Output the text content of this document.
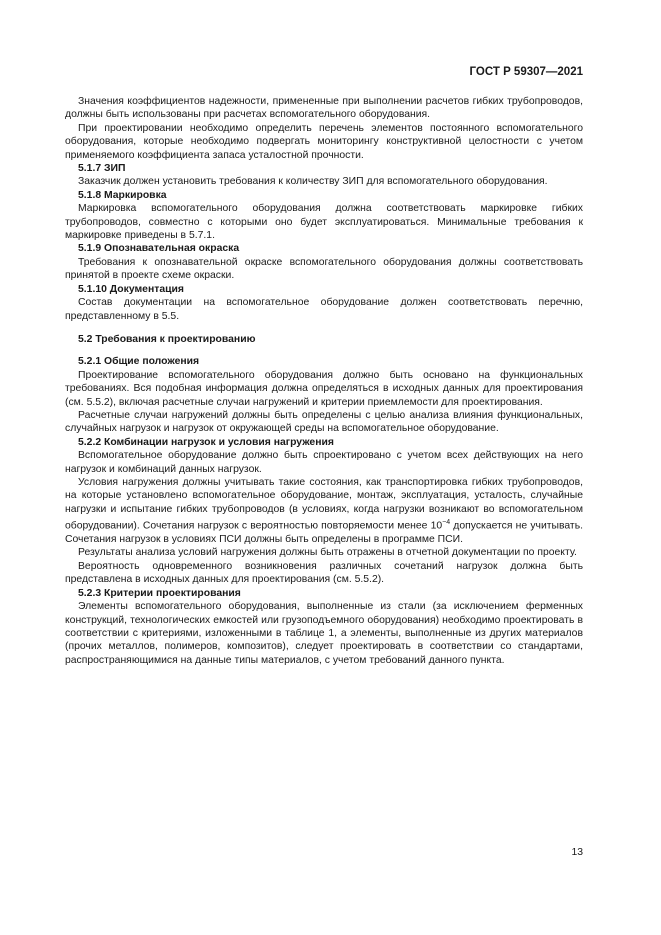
ГОСТ Р 59307—2021
Значения коэффициентов надежности, примененные при выполнении расчетов гибких трубопроводов, должны быть использованы при расчетах вспомогательного оборудования.
При проектировании необходимо определить перечень элементов постоянного вспомогательного оборудования, которые необходимо подвергать мониторингу конструктивной целостности с учетом применяемого коэффициента запаса усталостной прочности.
5.1.7 ЗИП
Заказчик должен установить требования к количеству ЗИП для вспомогательного оборудования.
5.1.8 Маркировка
Маркировка вспомогательного оборудования должна соответствовать маркировке гибких трубопроводов, совместно с которыми оно будет эксплуатироваться. Минимальные требования к маркировке приведены в 5.7.1.
5.1.9 Опознавательная окраска
Требования к опознавательной окраске вспомогательного оборудования должны соответствовать принятой в проекте схеме окраски.
5.1.10 Документация
Состав документации на вспомогательное оборудование должен соответствовать перечню, представленному в 5.5.
5.2 Требования к проектированию
5.2.1 Общие положения
Проектирование вспомогательного оборудования должно быть основано на функциональных требованиях. Вся подобная информация должна определяться в исходных данных для проектирования (см. 5.5.2), включая расчетные случаи нагружений и критерии приемлемости для проектирования.
Расчетные случаи нагружений должны быть определены с целью анализа влияния функциональных, случайных нагрузок и нагрузок от окружающей среды на вспомогательное оборудование.
5.2.2 Комбинации нагрузок и условия нагружения
Вспомогательное оборудование должно быть спроектировано с учетом всех действующих на него нагрузок и комбинаций данных нагрузок.
Условия нагружения должны учитывать такие состояния, как транспортировка гибких трубопроводов, на которые установлено вспомогательное оборудование, монтаж, эксплуатация, усталость, случайные нагрузки и испытание гибких трубопроводов (в условиях, когда нагрузки возникают во вспомогательном оборудовании). Сочетания нагрузок с вероятностью повторяемости менее $10^{-4}$ допускается не учитывать. Сочетания нагрузок в условиях ПСИ должны быть определены в программе ПСИ.
Результаты анализа условий нагружения должны быть отражены в отчетной документации по проекту.
Вероятность одновременного возникновения различных сочетаний нагрузок должна быть представлена в исходных данных для проектирования (см. 5.5.2).
5.2.3 Критерии проектирования
Элементы вспомогательного оборудования, выполненные из стали (за исключением ферменных конструкций, технологических емкостей или грузоподъемного оборудования) необходимо проектировать в соответствии с критериями, изложенными в таблице 1, а элементы, выполненные из других материалов (прочих металлов, полимеров, композитов), следует проектировать в соответствии со стандартами, распространяющимися на данные типы материалов, с учетом требований данного пункта.
13
